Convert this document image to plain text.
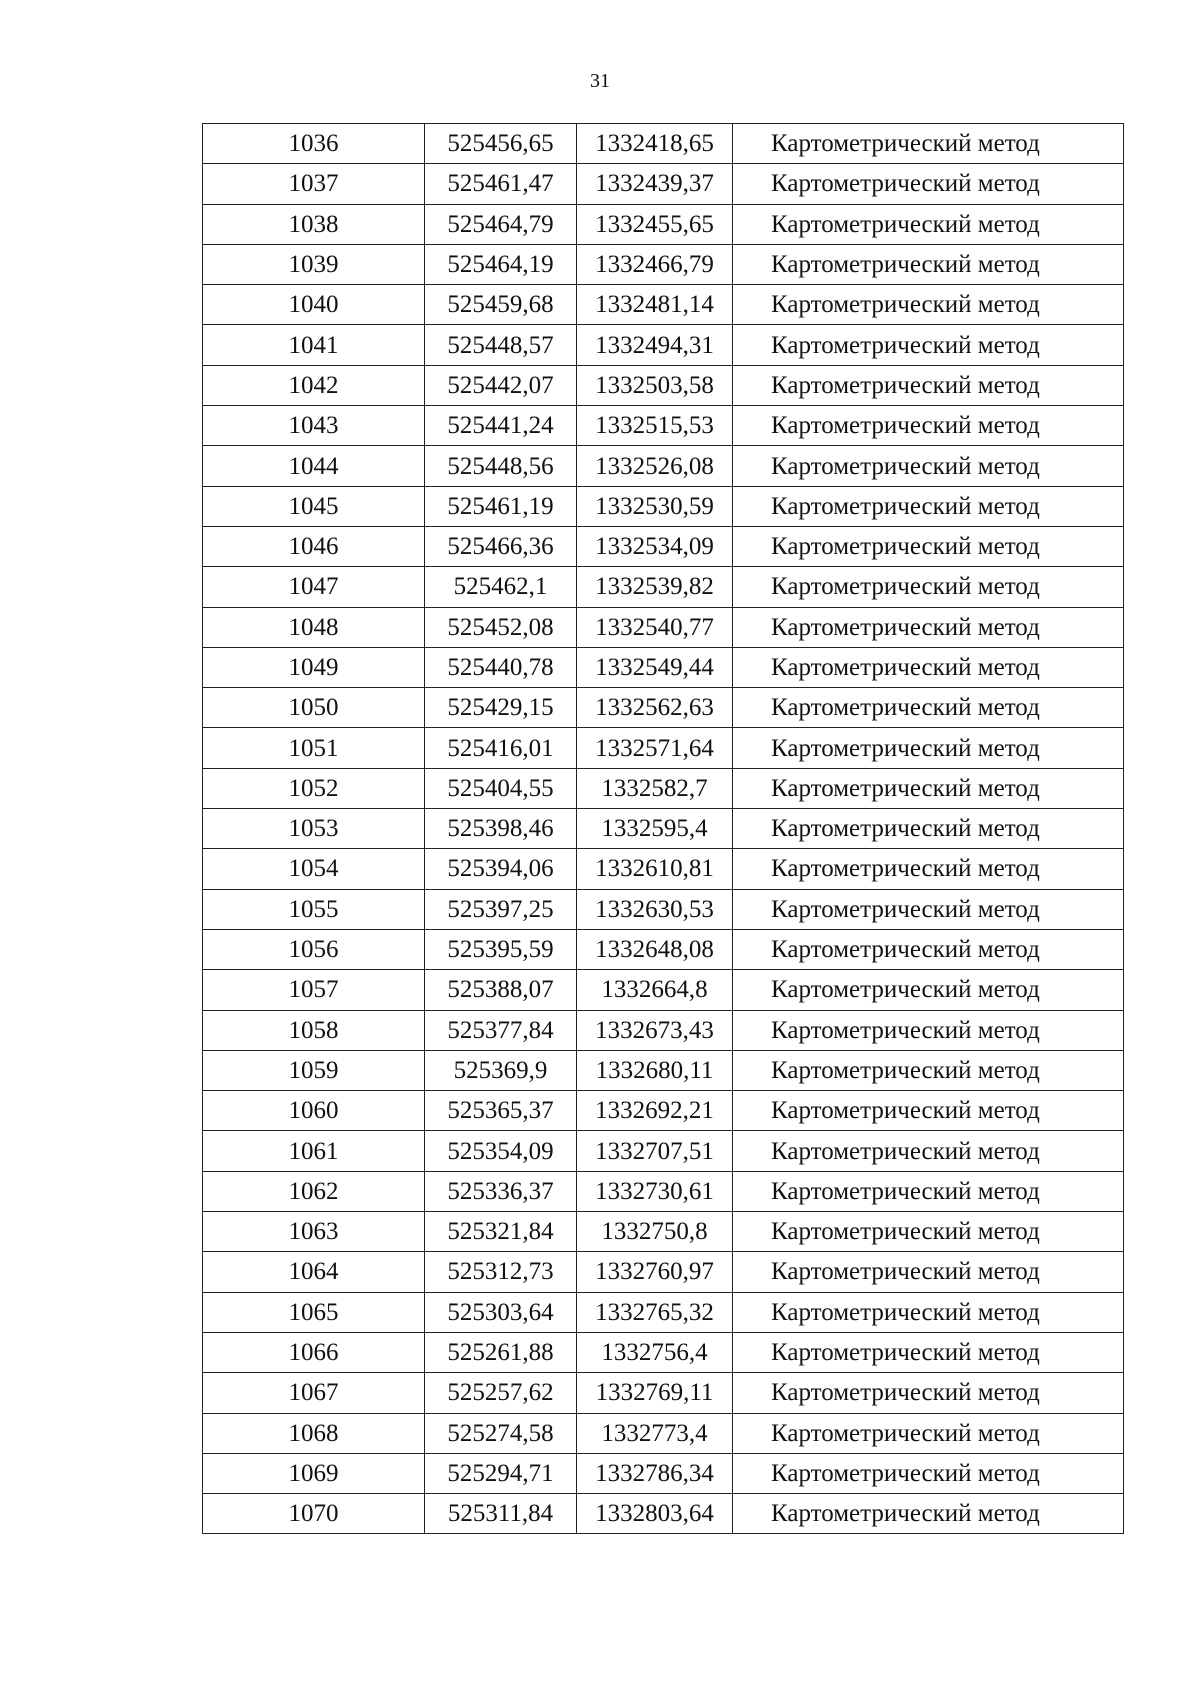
31
1036	525456,65	1332418,65	Картометрический метод
1037	525461,47	1332439,37	Картометрический метод
1038	525464,79	1332455,65	Картометрический метод
1039	525464,19	1332466,79	Картометрический метод
1040	525459,68	1332481,14	Картометрический метод
1041	525448,57	1332494,31	Картометрический метод
1042	525442,07	1332503,58	Картометрический метод
1043	525441,24	1332515,53	Картометрический метод
1044	525448,56	1332526,08	Картометрический метод
1045	525461,19	1332530,59	Картометрический метод
1046	525466,36	1332534,09	Картометрический метод
1047	525462,1	1332539,82	Картометрический метод
1048	525452,08	1332540,77	Картометрический метод
1049	525440,78	1332549,44	Картометрический метод
1050	525429,15	1332562,63	Картометрический метод
1051	525416,01	1332571,64	Картометрический метод
1052	525404,55	1332582,7	Картометрический метод
1053	525398,46	1332595,4	Картометрический метод
1054	525394,06	1332610,81	Картометрический метод
1055	525397,25	1332630,53	Картометрический метод
1056	525395,59	1332648,08	Картометрический метод
1057	525388,07	1332664,8	Картометрический метод
1058	525377,84	1332673,43	Картометрический метод
1059	525369,9	1332680,11	Картометрический метод
1060	525365,37	1332692,21	Картометрический метод
1061	525354,09	1332707,51	Картометрический метод
1062	525336,37	1332730,61	Картометрический метод
1063	525321,84	1332750,8	Картометрический метод
1064	525312,73	1332760,97	Картометрический метод
1065	525303,64	1332765,32	Картометрический метод
1066	525261,88	1332756,4	Картометрический метод
1067	525257,62	1332769,11	Картометрический метод
1068	525274,58	1332773,4	Картометрический метод
1069	525294,71	1332786,34	Картометрический метод
1070	525311,84	1332803,64	Картометрический метод
